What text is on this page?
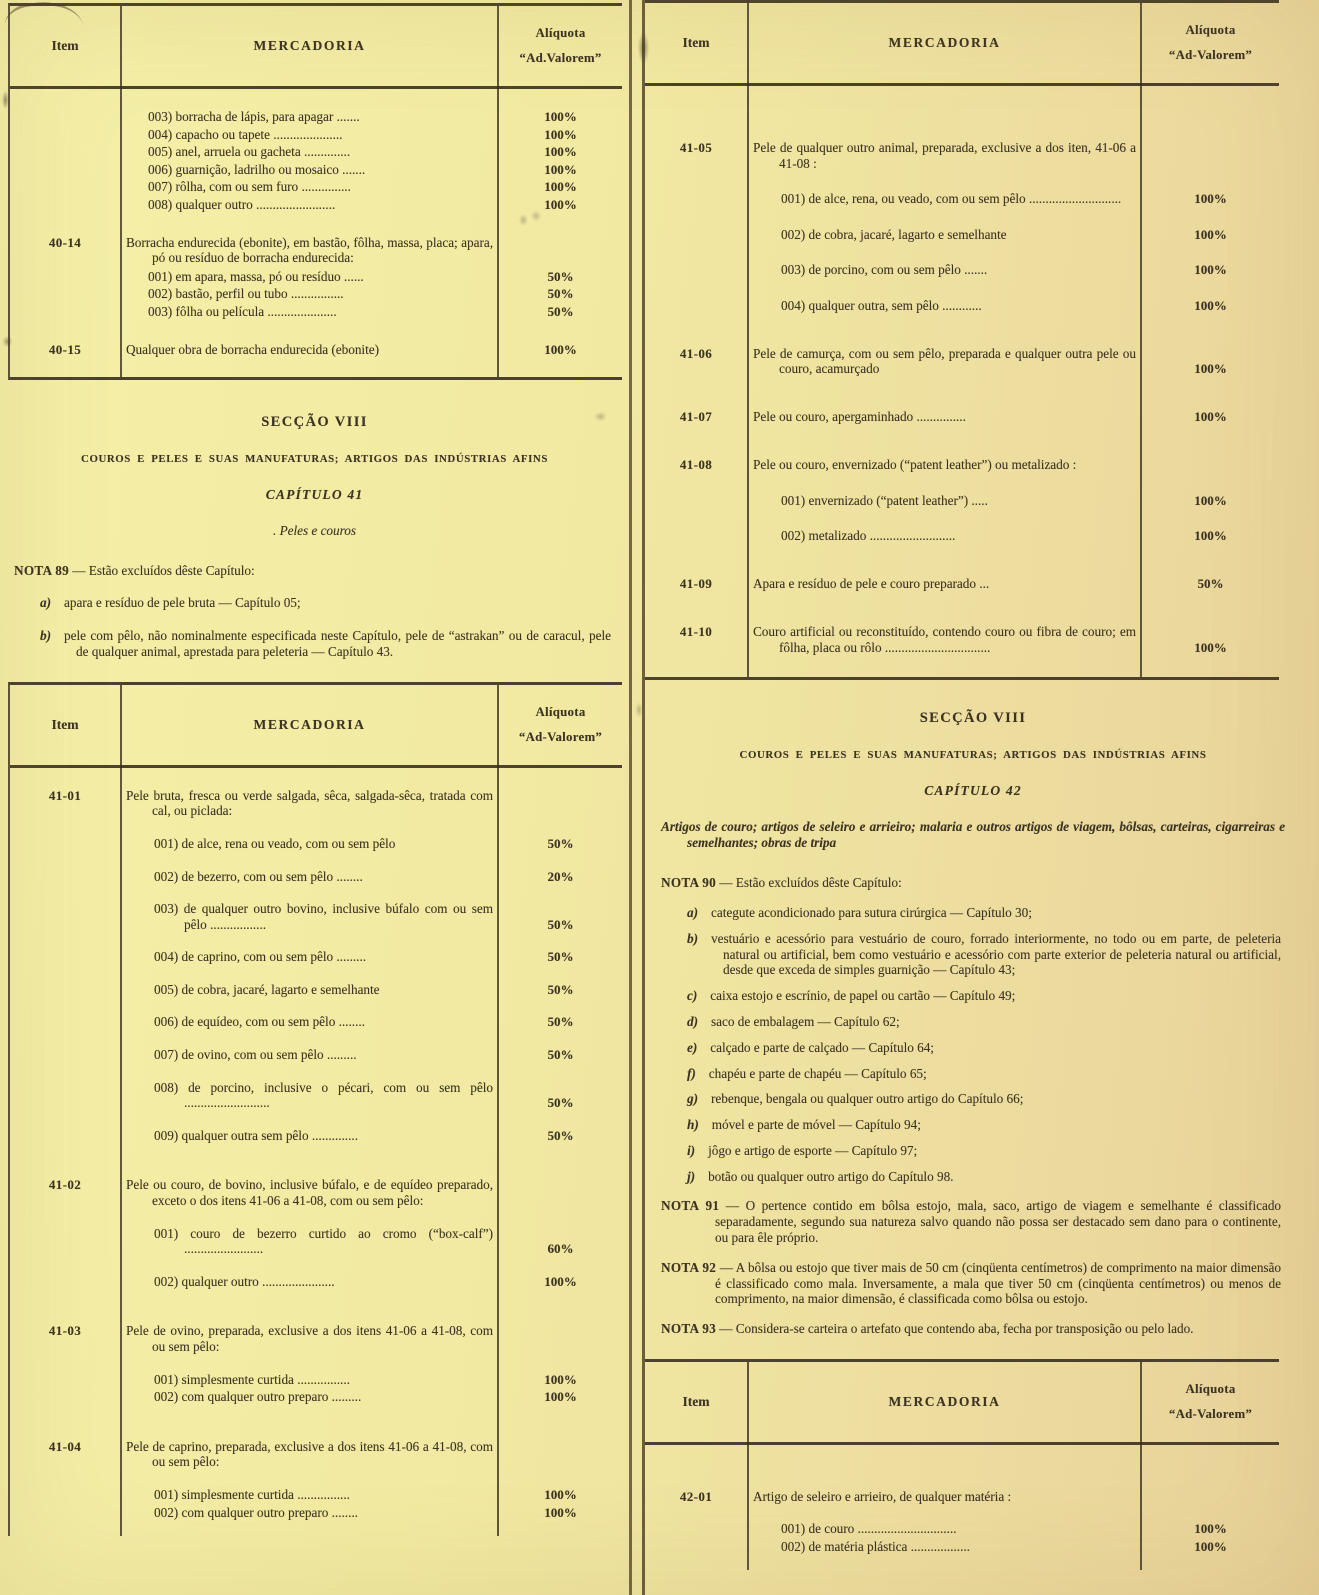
Item	MERCADORIA
Alíquota
“Ad.Valorem”
003) borracha de lápis, para apagar .......	100%
004) capacho ou tapete .....................	100%
005) anel, arruela ou gacheta ..............	100%
006) guarnição, ladrilho ou mosaico .......	100%
007) rôlha, com ou sem furo ...............	100%
008) qualquer outro ........................	100%
40-14	Borracha endurecida (ebonite), em bastão, fôlha, massa, placa; apara, pó ou resíduo de borracha endurecida:
001) em apara, massa, pó ou resíduo ......	50%
002) bastão, perfil ou tubo ................	50%
003) fôlha ou película .....................	50%
40-15	Qualquer obra de borracha endurecida (ebonite)	100%
SECÇÃO VIII
COUROS E PELES E SUAS MANUFATURAS; ARTIGOS DAS INDÚSTRIAS AFINS
CAPÍTULO 41
. Peles e couros
NOTA 89 — Estão excluídos dêste Capítulo:
a) apara e resíduo de pele bruta — Capítulo 05;
b) pele com pêlo, não nominalmente especificada neste Capítulo, pele de “astrakan” ou de caracul, pele de qualquer animal, aprestada para peleteria — Capítulo 43.
Item	MERCADORIA
Alíquota
“Ad-Valorem”
41-01	Pele bruta, fresca ou verde salgada, sêca, salgada-sêca, tratada com cal, ou piclada:
001) de alce, rena ou veado, com ou sem pêlo	50%
002) de bezerro, com ou sem pêlo ........	20%
003) de qualquer outro bovino, inclusive búfalo com ou sem pêlo .................	50%
004) de caprino, com ou sem pêlo .........	50%
005) de cobra, jacaré, lagarto e semelhante	50%
006) de equídeo, com ou sem pêlo ........	50%
007) de ovino, com ou sem pêlo .........	50%
008) de porcino, inclusive o pécari, com ou sem pêlo ..........................	50%
009) qualquer outra sem pêlo ..............	50%
41-02	Pele ou couro, de bovino, inclusive búfalo, e de equídeo preparado, exceto o dos itens 41-06 a 41-08, com ou sem pêlo:
001) couro de bezerro curtido ao cromo (“box-calf”) ........................	60%
002) qualquer outro ......................	100%
41-03	Pele de ovino, preparada, exclusive a dos itens 41-06 a 41-08, com ou sem pêlo:
001) simplesmente curtida ................	100%
002) com qualquer outro preparo .........	100%
41-04	Pele de caprino, preparada, exclusive a dos itens 41-06 a 41-08, com ou sem pêlo:
001) simplesmente curtida ................	100%
002) com qualquer outro preparo ........	100%
Item	MERCADORIA
Alíquota
“Ad-Valorem”
41-05	Pele de qualquer outro animal, preparada, exclusive a dos iten, 41-06 a 41-08 :
001) de alce, rena, ou veado, com ou sem pêlo ............................	100%
002) de cobra, jacaré, lagarto e semelhante	100%
003) de porcino, com ou sem pêlo .......	100%
004) qualquer outra, sem pêlo ............	100%
41-06	Pele de camurça, com ou sem pêlo, preparada e qualquer outra pele ou couro, acamurçado	100%
41-07	Pele ou couro, apergaminhado ...............	100%
41-08	Pele ou couro, envernizado (“patent leather”) ou metalizado :
001) envernizado (“patent leather”) .....	100%
002) metalizado ..........................	100%
41-09	Apara e resíduo de pele e couro preparado ...	50%
41-10	Couro artificial ou reconstituído, contendo couro ou fibra de couro; em fôlha, placa ou rôlo ................................	100%
SECÇÃO VIII
COUROS E PELES E SUAS MANUFATURAS; ARTIGOS DAS INDÚSTRIAS AFINS
CAPÍTULO 42
Artigos de couro; artigos de seleiro e arrieiro; malaria e outros artigos de viagem, bôlsas, carteiras, cigarreiras e semelhantes; obras de tripa
NOTA 90 — Estão excluídos dêste Capítulo:
a) categute acondicionado para sutura cirúrgica — Capítulo 30;
b) vestuário e acessório para vestuário de couro, forrado interiormente, no todo ou em parte, de peleteria natural ou artificial, bem como vestuário e acessório com parte exterior de peleteria natural ou artificial, desde que exceda de simples guarnição — Capítulo 43;
c) caixa estojo e escrínio, de papel ou cartão — Capítulo 49;
d) saco de embalagem — Capítulo 62;
e) calçado e parte de calçado — Capítulo 64;
f) chapéu e parte de chapéu — Capítulo 65;
g) rebenque, bengala ou qualquer outro artigo do Capítulo 66;
h) móvel e parte de móvel — Capítulo 94;
i) jôgo e artigo de esporte — Capítulo 97;
j) botão ou qualquer outro artigo do Capítulo 98.
NOTA 91 — O pertence contido em bôlsa estojo, mala, saco, artigo de viagem e semelhante é classificado separadamente, segundo sua natureza salvo quando não possa ser destacado sem dano para o continente, ou para êle próprio.
NOTA 92 — A bôlsa ou estojo que tiver mais de 50 cm (cinqüenta centímetros) de comprimento na maior dimensão é classificado como mala. Inversamente, a mala que tiver 50 cm (cinqüenta centímetros) ou menos de comprimento, na maior dimensão, é classificada como bôlsa ou estojo.
NOTA 93 — Considera-se carteira o artefato que contendo aba, fecha por transposição ou pelo lado.
Item	MERCADORIA
Alíquota
“Ad-Valorem”
42-01	Artigo de seleiro e arrieiro, de qualquer matéria :
001) de couro ..............................	100%
002) de matéria plástica ..................	100%
